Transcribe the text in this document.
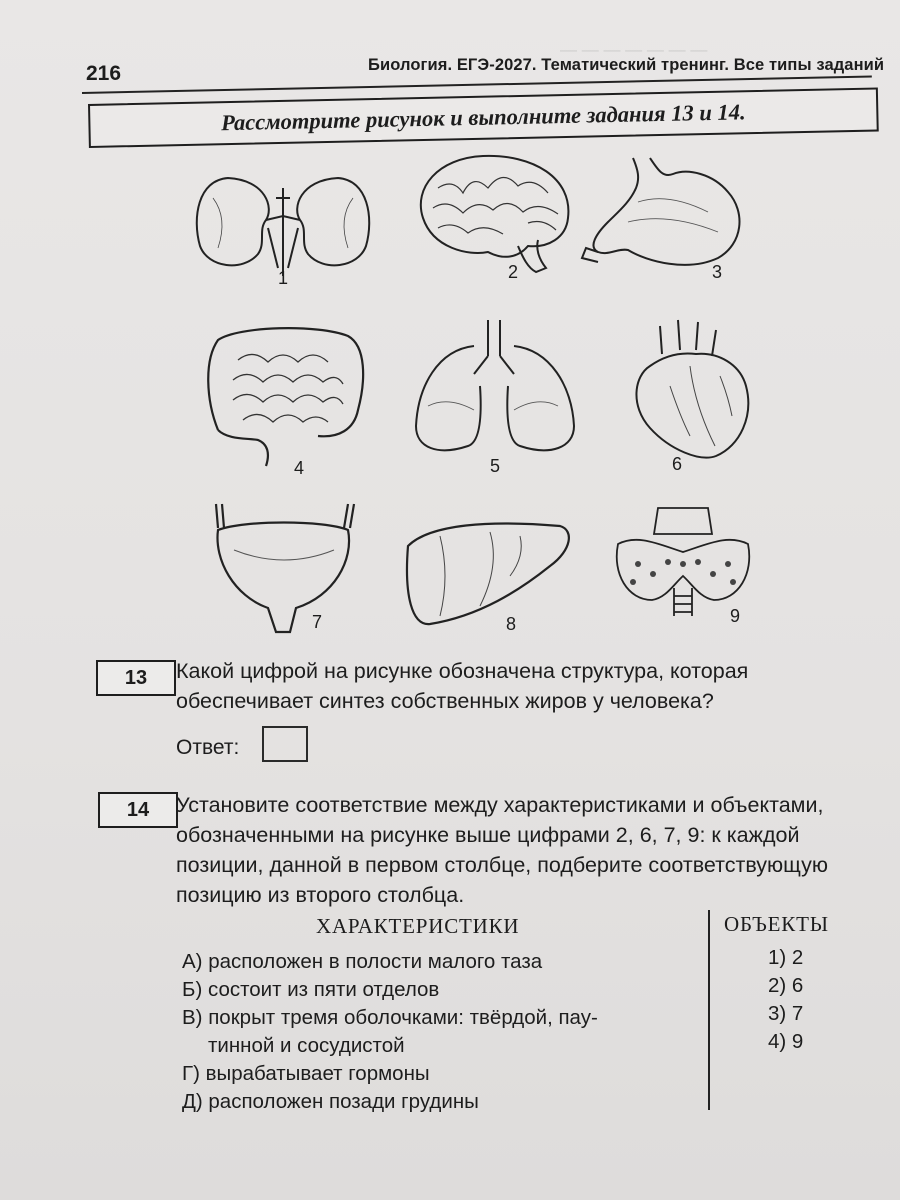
— — — — — — —
216	Биология. ЕГЭ-2027. Тематический тренинг. Все типы заданий
Рассмотрите рисунок и выполните задания 13 и 14.
1	2	3
4	5	6
7	8	9
13	Какой цифрой на рисунке обозначена структура, которая обеспечивает синтез собственных жиров у человека?
Ответ:
14	Установите соответствие между характеристиками и объектами, обозначенными на рисунке выше цифрами 2, 6, 7, 9: к каждой позиции, данной в первом столбце, подберите соответствующую позицию из второго столбца.
ХАРАКТЕРИСТИКИ	ОБЪЕКТЫ
А) расположен в полости малого таза
Б) состоит из пяти отделов
В) покрыт тремя оболочками: твёрдой, пау-
тинной и сосудистой
Г) вырабатывает гормоны
Д) расположен позади грудины
1) 2
2) 6
3) 7
4) 9
